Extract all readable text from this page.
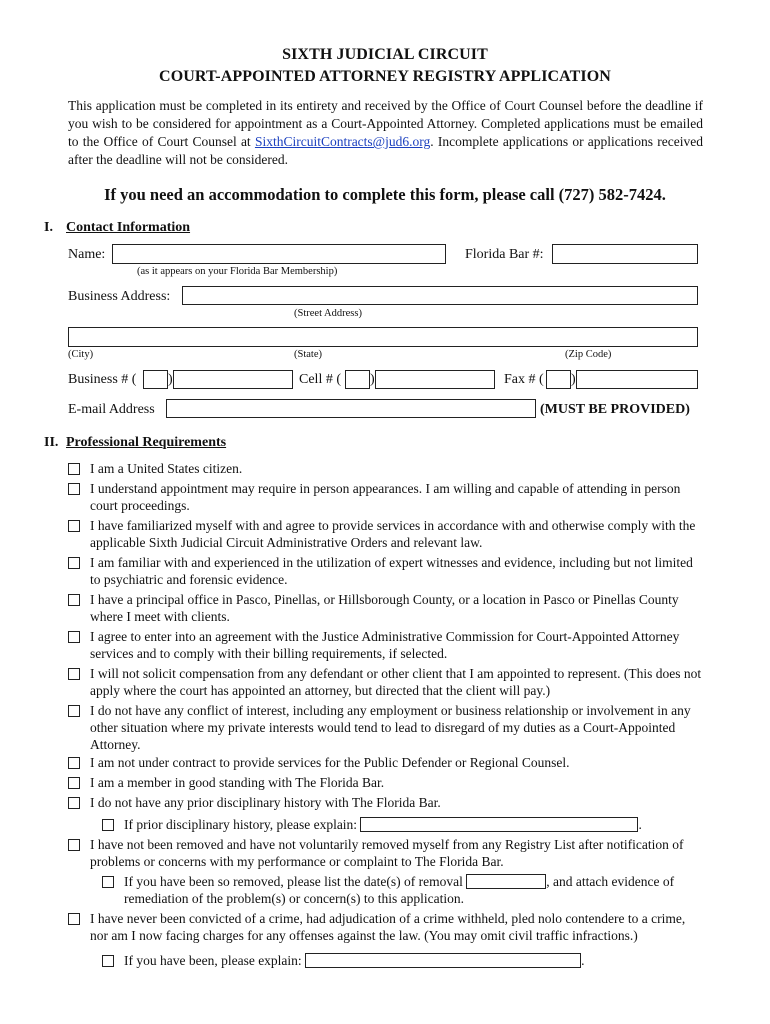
SIXTH JUDICIAL CIRCUIT
COURT-APPOINTED ATTORNEY REGISTRY APPLICATION
This application must be completed in its entirety and received by the Office of Court Counsel before the deadline if you wish to be considered for appointment as a Court-Appointed Attorney. Completed applications must be emailed to the Office of Court Counsel at SixthCircuitContracts@jud6.org. Incomplete applications or applications received after the deadline will not be considered.
If you need an accommodation to complete this form, please call (727) 582-7424.
I. Contact Information
Name:
(as it appears on your Florida Bar Membership)
Florida Bar #:
Business Address:
(Street Address)
(City)	(State)	(Zip Code)
Business # ( )	Cell # ( )	Fax # ( )
E-mail Address	(MUST BE PROVIDED)
II. Professional Requirements
I am a United States citizen.
I understand appointment may require in person appearances. I am willing and capable of attending in person court proceedings.
I have familiarized myself with and agree to provide services in accordance with and otherwise comply with the applicable Sixth Judicial Circuit Administrative Orders and relevant law.
I am familiar with and experienced in the utilization of expert witnesses and evidence, including but not limited to psychiatric and forensic evidence.
I have a principal office in Pasco, Pinellas, or Hillsborough County, or a location in Pasco or Pinellas County where I meet with clients.
I agree to enter into an agreement with the Justice Administrative Commission for Court-Appointed Attorney services and to comply with their billing requirements, if selected.
I will not solicit compensation from any defendant or other client that I am appointed to represent. (This does not apply where the court has appointed an attorney, but directed that the client will pay.)
I do not have any conflict of interest, including any employment or business relationship or involvement in any other situation where my private interests would tend to lead to disregard of my duties as a Court-Appointed Attorney.
I am not under contract to provide services for the Public Defender or Regional Counsel.
I am a member in good standing with The Florida Bar.
I do not have any prior disciplinary history with The Florida Bar.
If prior disciplinary history, please explain:	.
I have not been removed and have not voluntarily removed myself from any Registry List after notification of problems or concerns with my performance or complaint to The Florida Bar.
If you have been so removed, please list the date(s) of removal	, and attach evidence of remediation of the problem(s) or concern(s) to this application.
I have never been convicted of a crime, had adjudication of a crime withheld, pled nolo contendere to a crime, nor am I now facing charges for any offenses against the law. (You may omit civil traffic infractions.)
If you have been, please explain:	.
